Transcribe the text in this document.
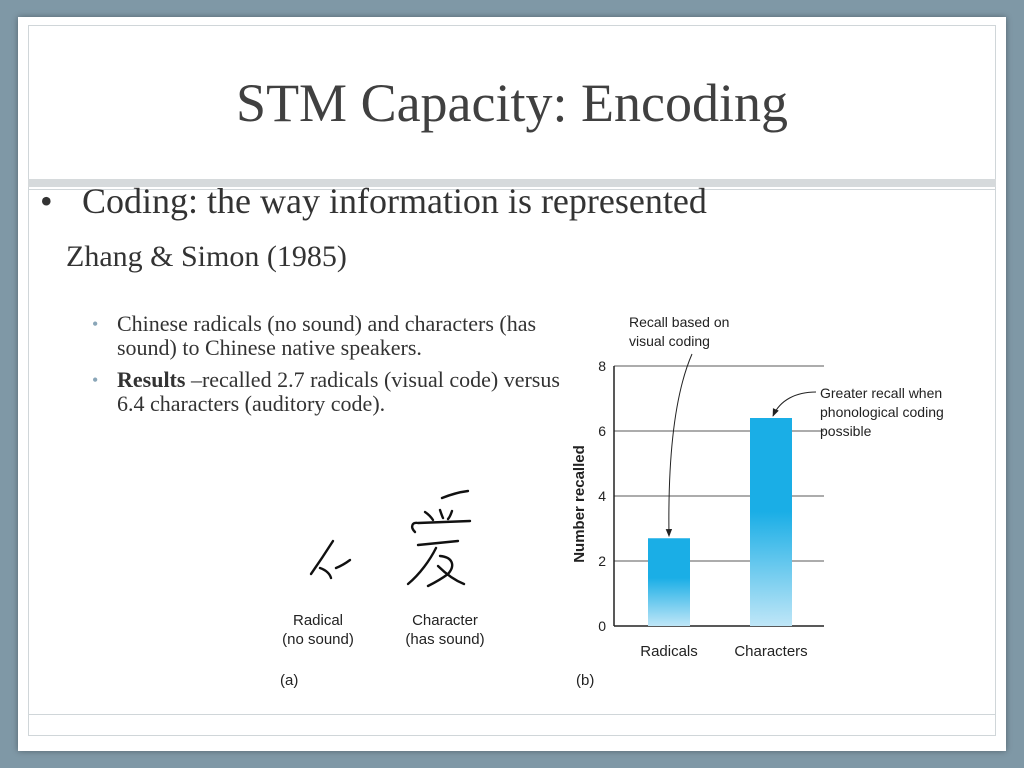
STM Capacity: Encoding
• Coding: the way information is represented
Zhang & Simon (1985)
• Chinese radicals (no sound) and characters (has sound) to Chinese native speakers.
• Results –recalled 2.7 radicals (visual code) versus 6.4 characters (auditory code).
Radical
(no sound)
Character
(has sound)
(a)
0
2
4
6
8
Radicals Characters
Number recalled
Recall based on
visual coding
Greater recall when
phonological coding
possible
(b)
